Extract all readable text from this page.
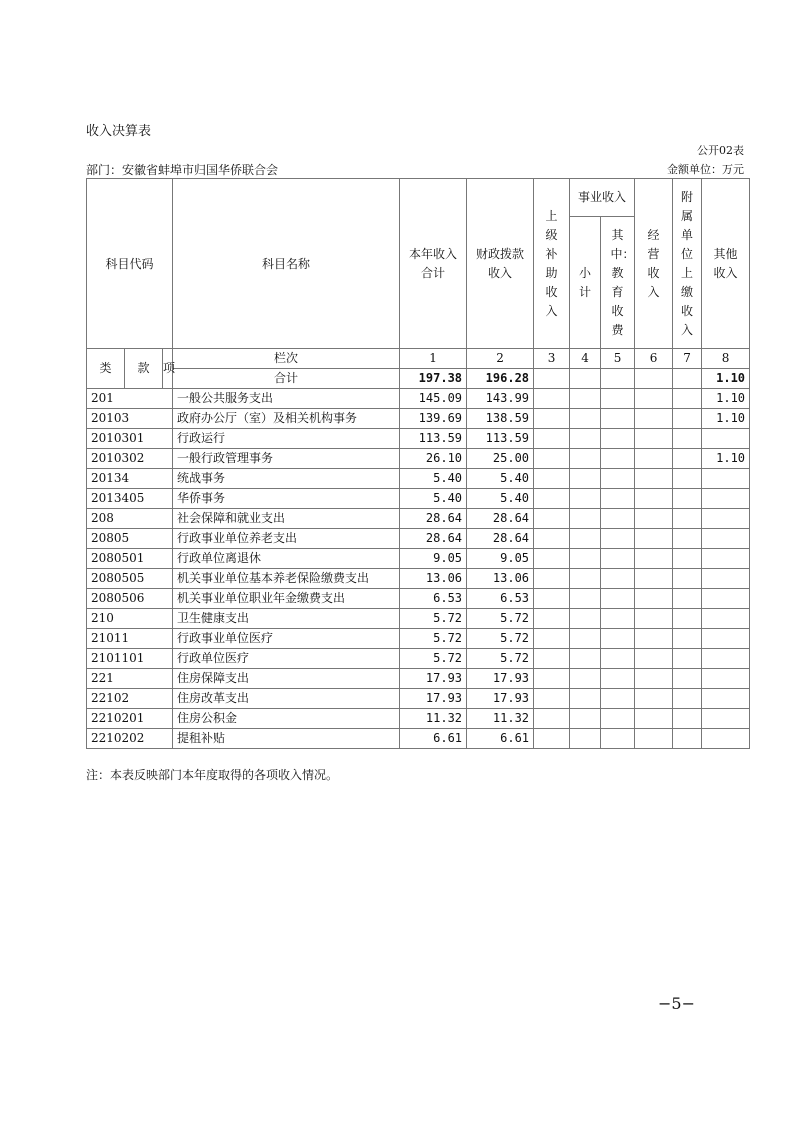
收入决算表
公开02表
部门：安徽省蚌埠市归国华侨联合会	金额单位：万元
科目代码			科目名称	本年收入合计	财政拨款收入	上级补助收入	事业收入		经营收入	附属单位上缴收入	其他收入
							小计	其中：教育收费			
类	款	项	栏次	1	2	3	4	5	6	7	8
			合计	197.38	196.28						1.10
201			一般公共服务支出	145.09	143.99						1.10
20103			政府办公厅（室）及相关机构事务	139.69	138.59						1.10
2010301			行政运行	113.59	113.59						
2010302			一般行政管理事务	26.10	25.00						1.10
20134			统战事务	5.40	5.40						
2013405			华侨事务	5.40	5.40						
208			社会保障和就业支出	28.64	28.64						
20805			行政事业单位养老支出	28.64	28.64						
2080501			行政单位离退休	9.05	9.05						
2080505			机关事业单位基本养老保险缴费支出	13.06	13.06						
2080506			机关事业单位职业年金缴费支出	6.53	6.53						
210			卫生健康支出	5.72	5.72						
21011			行政事业单位医疗	5.72	5.72						
2101101			行政单位医疗	5.72	5.72						
221			住房保障支出	17.93	17.93						
22102			住房改革支出	17.93	17.93						
2210201			住房公积金	11.32	11.32						
2210202			提租补贴	6.61	6.61						
注：本表反映部门本年度取得的各项收入情况。
−5−
